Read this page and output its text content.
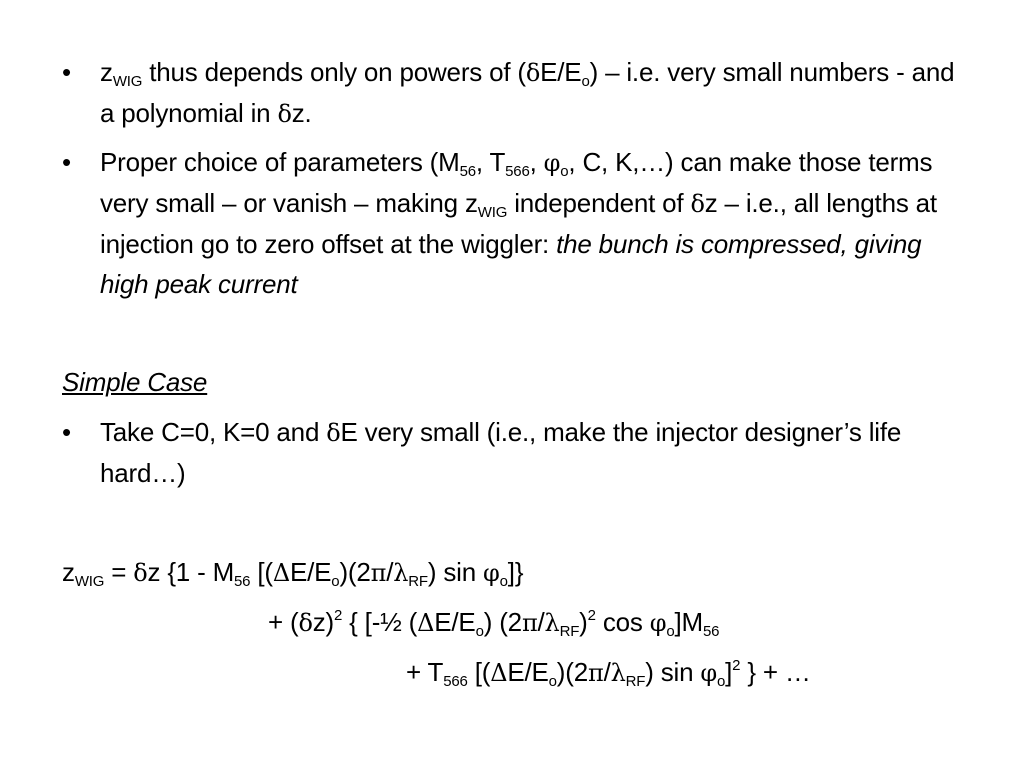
•	$z_{WIG}$ thus depends only on powers of $(\delta E/E_o) - i.e$. very small numbers - and a polynomial in δz.
•	Proper choice of parameters ($M_{56}$, $T_{566}$, $\varphi_o$, C, K,…) can make those terms very small – or vanish – making $z_{WIG}$ independent of δz – i.e., all lengths at injection go to zero offset at the wiggler: the bunch is compressed, giving high peak current
Simple Case
•	Take C=0, K=0 and δE very small (i.e., make the injector designer’s life hard…)
$z_{WIG} = \delta z$ {$1 - M_{56}$ [$(\Delta E/E_o)(2\pi/\lambda_{RF})$ $\sin \varphi_o$]}
+ $(\delta z)^2$ { [-½ $(\Delta E/E_o)$ $(2\pi/\lambda_{RF})^2$ $\cos \varphi_o]M_{56}$
+ $T_{566}$ [$(\Delta E/E_o)(2\pi/\lambda_{RF})$ $\sin \varphi_o]^2$ } + …
